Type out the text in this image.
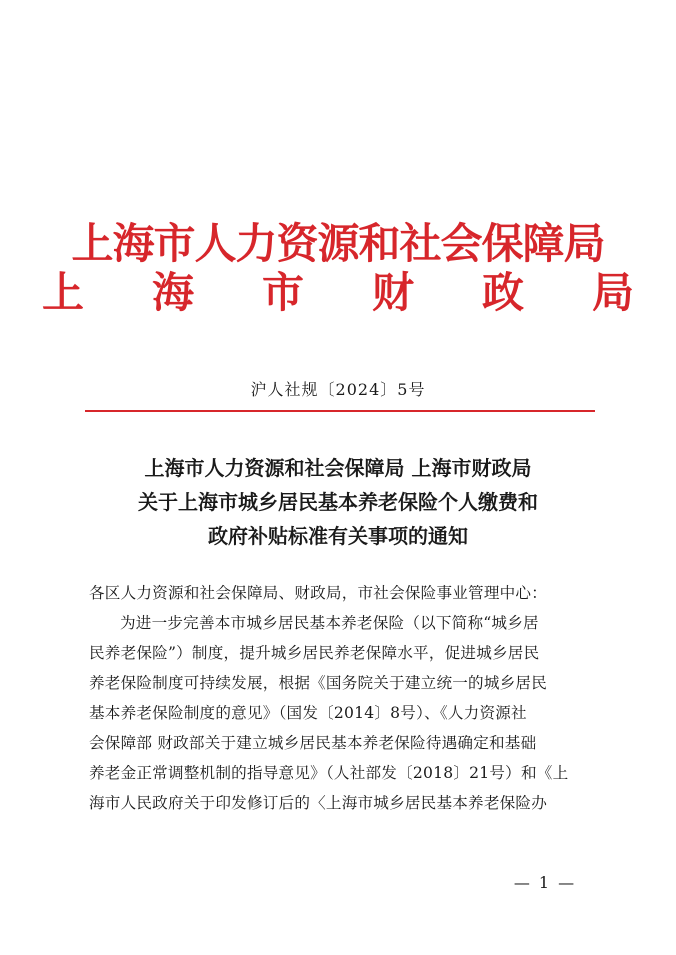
上海市人力资源和社会保障局
上 海 市 财 政 局
沪人社规〔2024〕5号
上海市人力资源和社会保障局 上海市财政局
关于上海市城乡居民基本养老保险个人缴费和
政府补贴标准有关事项的通知
各区人力资源和社会保障局、财政局，市社会保险事业管理中心：
为进一步完善本市城乡居民基本养老保险（以下简称“城乡居
民养老保险”）制度，提升城乡居民养老保障水平，促进城乡居民
养老保险制度可持续发展，根据《国务院关于建立统一的城乡居民
基本养老保险制度的意见》（国发〔2014〕8号）、《人力资源社
会保障部 财政部关于建立城乡居民基本养老保险待遇确定和基础
养老金正常调整机制的指导意见》（人社部发〔2018〕21号）和《上
海市人民政府关于印发修订后的〈上海市城乡居民基本养老保险办
— 1 —
